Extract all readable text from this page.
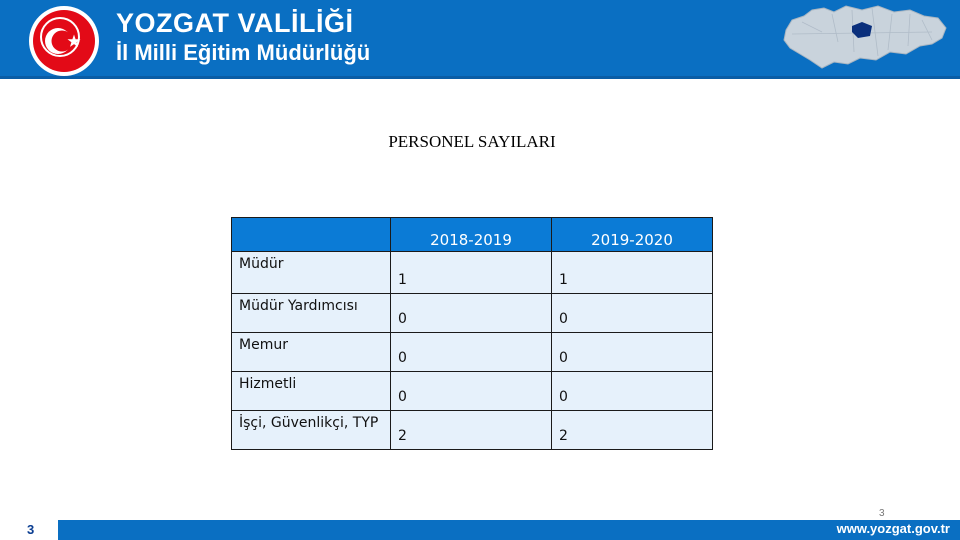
YOZGAT VALİLİĞİ
İl Milli Eğitim Müdürlüğü
PERSONEL SAYILARI
	2018-2019	2019-2020
Müdür	1	1
Müdür Yardımcısı	0	0
Memur	0	0
Hizmetli	0	0
İşçi, Güvenlikçi, TYP	2	2
3
www.yozgat.gov.tr
3
